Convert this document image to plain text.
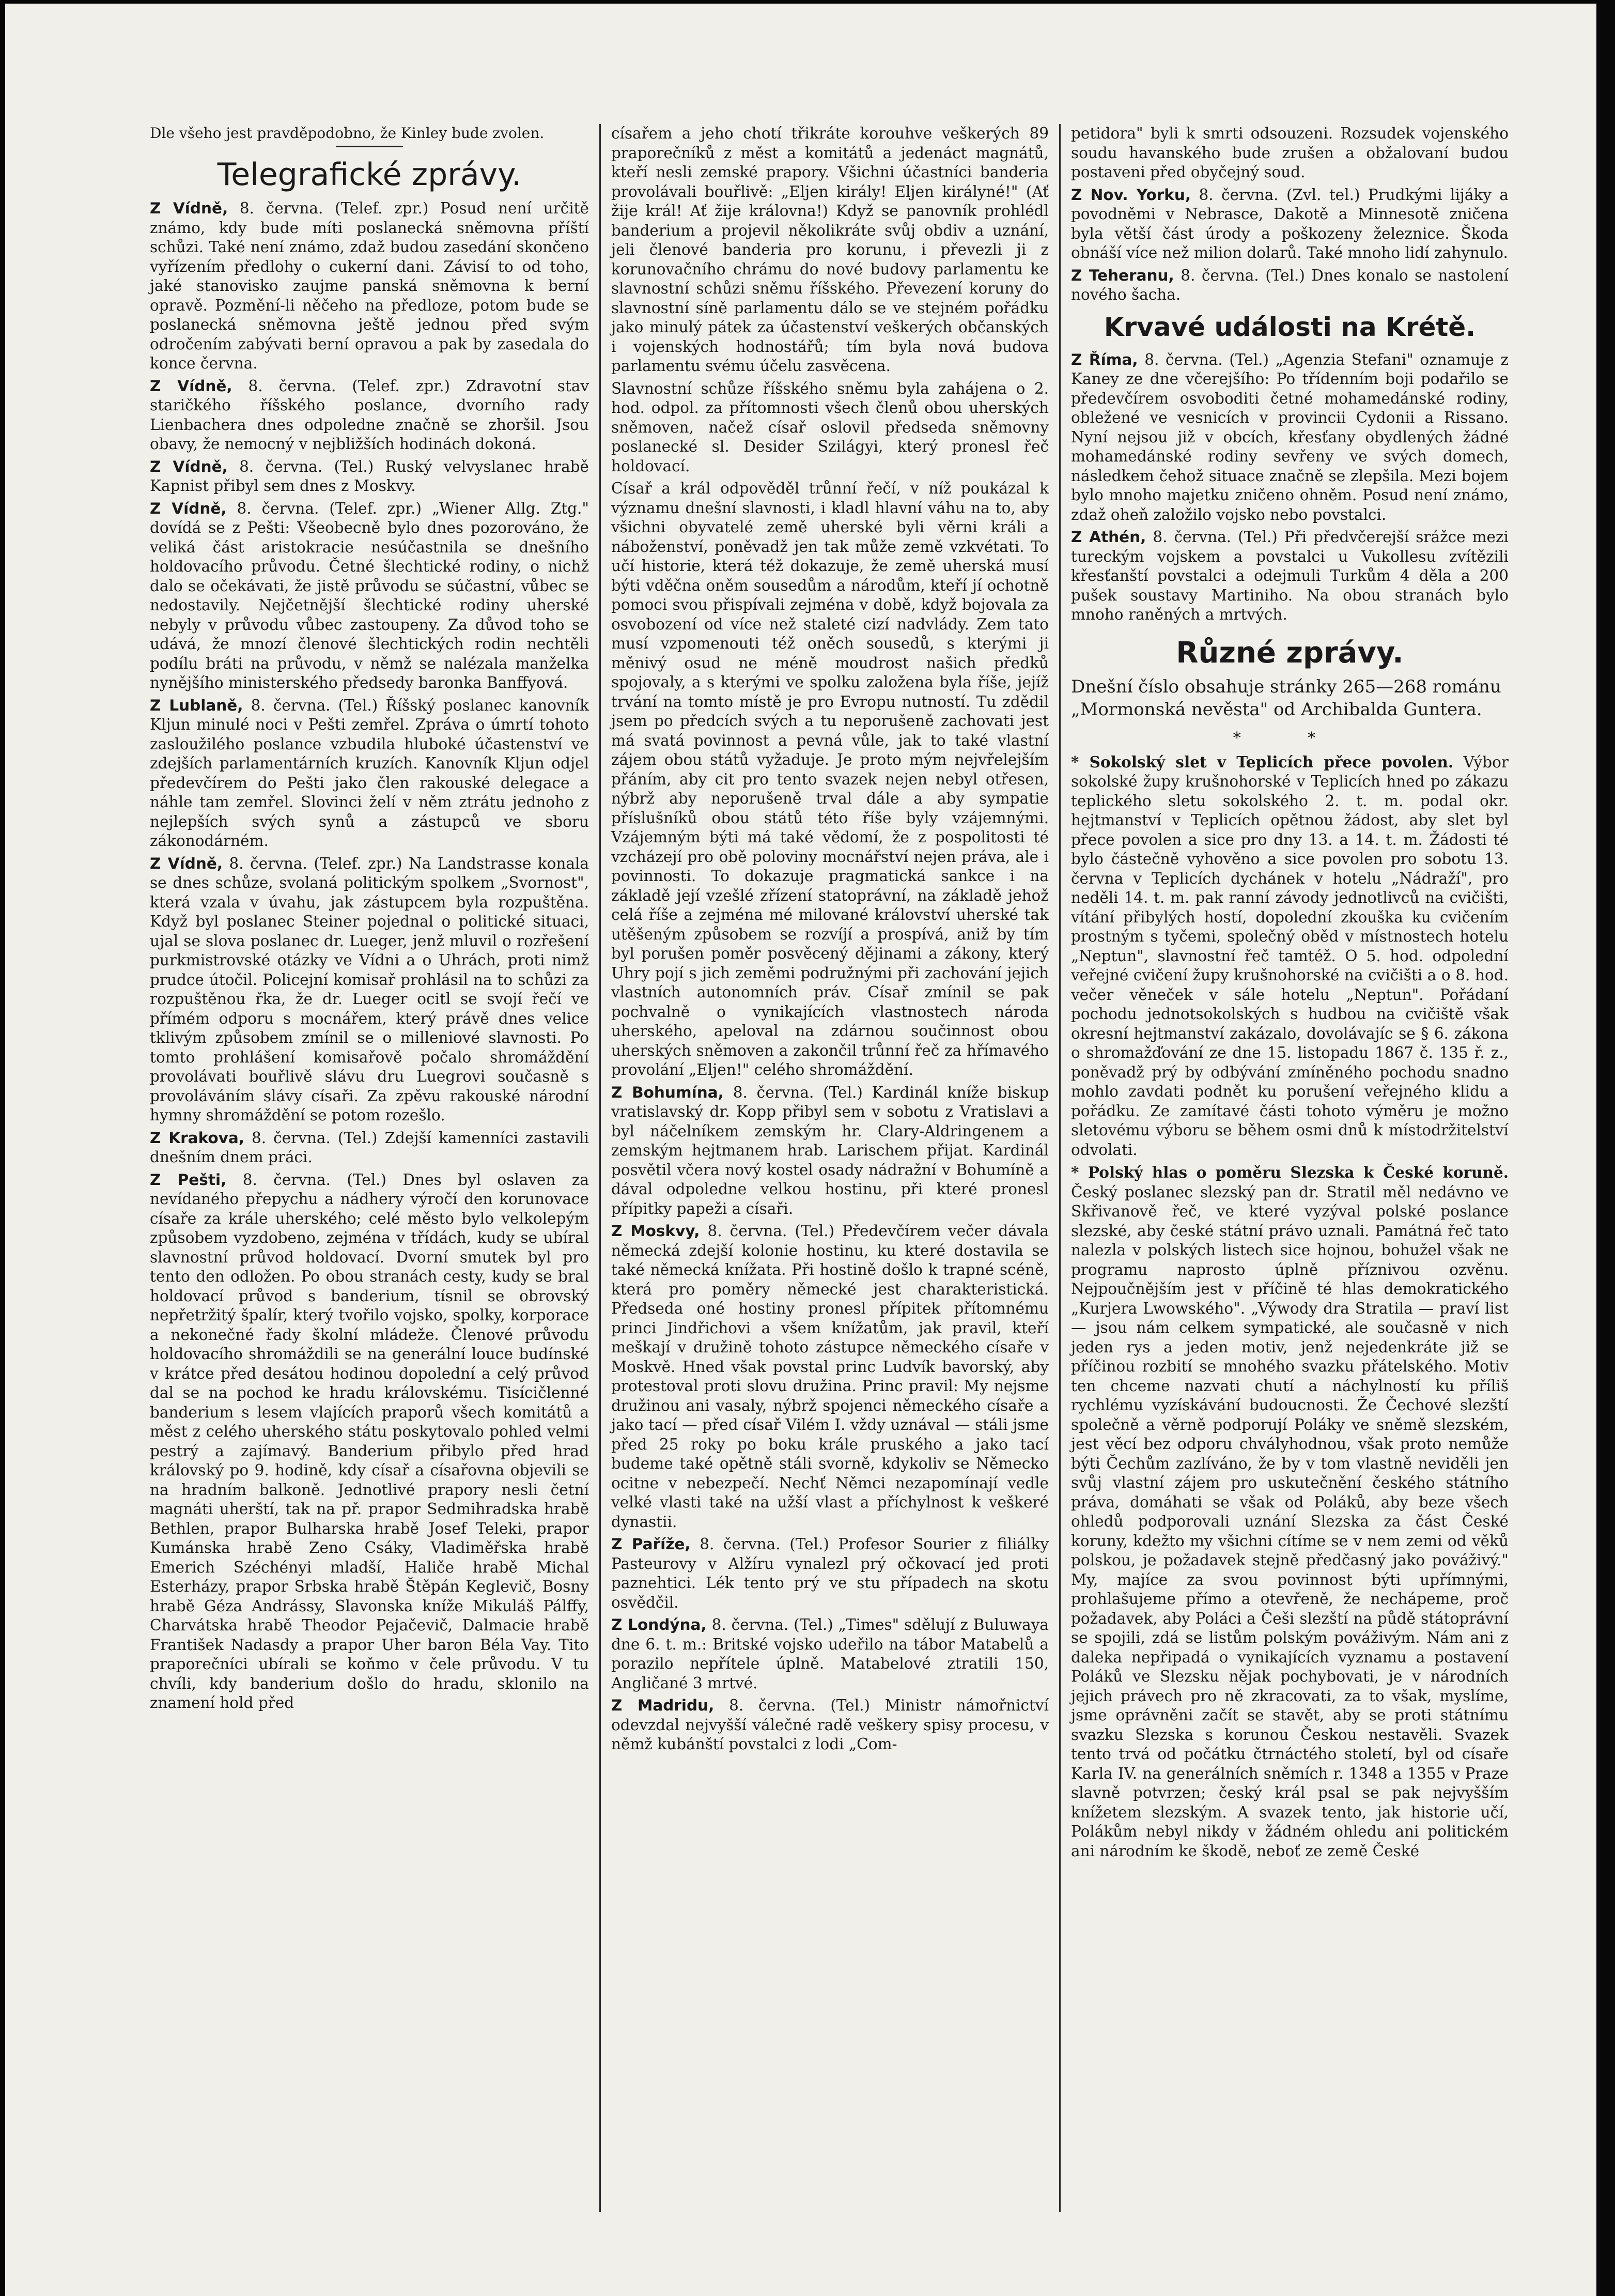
Dle všeho jest pravděpodobno, že Kinley bude zvolen.

Telegrafické zprávy.

Z Vídně, 8. června. (Telef. zpr.) Posud není určitě známo, kdy bude míti poslanecká sněmovna příští schůzi. Také není známo, zdaž budou zasedání skončeno vyřízením předlohy o cukerní dani. Závisí to od toho, jaké stanovisko zaujme panská sněmovna k berní opravě. Pozmění-li něčeho na předloze, potom bude se poslanecká sněmovna ještě jednou před svým odročením zabývati berní opravou a pak by zasedala do konce června.

Z Vídně, 8. června. (Telef. zpr.) Zdravotní stav staričkého říšského poslance, dvorního rady Lienbachera dnes odpoledne značně se zhoršil. Jsou obavy, že nemocný v nejbližších hodinách dokoná.

Z Vídně, 8. června. (Tel.) Ruský velvyslanec hrabě Kapnist přibyl sem dnes z Moskvy.

Z Vídně, 8. června. (Telef. zpr.) „Wiener Allg. Ztg." dovídá se z Pešti: Všeobecně bylo dnes pozorováno, že veliká část aristokracie nesúčastnila se dnešního holdovacího průvodu. Četné šlechtické rodiny, o nichž dalo se očekávati, že jistě průvodu se súčastní, vůbec se nedostavily. Nejčetnější šlechtické rodiny uherské nebyly v průvodu vůbec zastoupeny. Za důvod toho se udává, že mnozí členové šlechtických rodin nechtěli podílu bráti na průvodu, v němž se nalézala manželka nynějšího ministerského předsedy baronka Banffyová.

Z Lublaně, 8. června. (Tel.) Říšský poslanec kanovník Kljun minulé noci v Pešti zemřel. Zpráva o úmrtí tohoto zasloužilého poslance vzbudila hluboké účastenství ve zdejších parlamentárních kruzích. Kanovník Kljun odjel předevčírem do Pešti jako člen rakouské delegace a náhle tam zemřel. Slovinci želí v něm ztrátu jednoho z nejlepších svých synů a zástupců ve sboru zákonodárném.

Z Vídně, 8. června. (Telef. zpr.) Na Landstrasse konala se dnes schůze, svolaná politickým spolkem „Svornost", která vzala v úvahu, jak zástupcem byla rozpuštěna. Když byl poslanec Steiner pojednal o politické situaci, ujal se slova poslanec dr. Lueger, jenž mluvil o rozřešení purkmistrovské otázky ve Vídni a o Uhrách, proti nimž prudce útočil. Policejní komisař prohlásil na to schůzi za rozpuštěnou řka, že dr. Lueger ocitl se svojí řečí ve přímém odporu s mocnářem, který právě dnes velice tklivým způsobem zmínil se o milleniové slavnosti. Po tomto prohlášení komisařově počalo shromáždění provolávati bouřlivě slávu dru Luegrovi současně s provoláváním slávy císaři. Za zpěvu rakouské národní hymny shromáždění se potom rozešlo.

Z Krakova, 8. června. (Tel.) Zdejší kamenníci zastavili dnešním dnem práci.

Z Pešti, 8. června. (Tel.) Dnes byl oslaven za nevídaného přepychu a nádhery výročí den korunovace císaře za krále uherského; celé město bylo velkolepým způsobem vyzdobeno, zejména v třídách, kudy se ubíral slavnostní průvod holdovací. Dvorní smutek byl pro tento den odložen. Po obou stranách cesty, kudy se bral holdovací průvod s banderium, tísnil se obrovský nepřetržitý špalír, který tvořilo vojsko, spolky, korporace a nekonečné řady školní mládeže. Členové průvodu holdovacího shromáždili se na generální louce budínské v krátce před desátou hodinou dopolední a celý průvod dal se na pochod ke hradu královskému. Tisícičlenné banderium s lesem vlajících praporů všech komitátů a měst z celého uherského státu poskytovalo pohled velmi pestrý a zajímavý. Banderium přibylo před hrad královský po 9. hodině, kdy císař a císařovna objevili se na hradním balkoně. Jednotlivé prapory nesli četní magnáti uherští, tak na př. prapor Sedmihradska hrabě Bethlen, prapor Bulharska hrabě Josef Teleki, prapor Kumánska hrabě Zeno Csáky, Vladiměřska hrabě Emerich Széchényi mladší, Haliče hrabě Michal Esterházy, prapor Srbska hrabě Štěpán Keglevič, Bosny hrabě Géza Andrássy, Slavonska kníže Mikuláš Pálffy, Charvátska hrabě Theodor Pejačevič, Dalmacie hrabě František Nadasdy a prapor Uher baron Béla Vay. Tito praporečníci ubírali se koňmo v čele průvodu. V tu chvíli, kdy banderium došlo do hradu, sklonilo na znamení hold před

císařem a jeho chotí třikráte korouhve veškerých 89 praporečníků z měst a komitátů a jedenáct magnátů, kteří nesli zemské prapory. Všichni účastníci banderia provolávali bouřlivě: „Eljen király! Eljen királyné!" (Ať žije král! Ať žije královna!) Když se panovník prohlédl banderium a projevil několikráte svůj obdiv a uznání, jeli členové banderia pro korunu, i převezli ji z korunovačního chrámu do nové budovy parlamentu ke slavnostní schůzi sněmu říšského. Převezení koruny do slavnostní síně parlamentu dálo se ve stejném pořádku jako minulý pátek za účastenství veškerých občanských i vojenských hodnostářů; tím byla nová budova parlamentu svému účelu zasvěcena.

Slavnostní schůze říšského sněmu byla zahájena o 2. hod. odpol. za přítomnosti všech členů obou uherských sněmoven, načež císař oslovil předseda sněmovny poslanecké sl. Desider Szilágyi, který pronesl řeč holdovací.

Císař a král odpověděl trůnní řečí, v níž poukázal k významu dnešní slavnosti, i kladl hlavní váhu na to, aby všichni obyvatelé země uherské byli věrni králi a náboženství, poněvadž jen tak může země vzkvétati. To učí historie, která též dokazuje, že země uherská musí býti vděčna oněm sousedům a národům, kteří jí ochotně pomoci svou přispívali zejména v době, když bojovala za osvobození od více než staleté cizí nadvlády. Zem tato musí vzpomenouti též oněch sousedů, s kterými ji měnivý osud ne méně moudrost našich předků spojovaly, a s kterými ve spolku založena byla říše, jejíž trvání na tomto místě je pro Evropu nutností. Tu zdědil jsem po předcích svých a tu neporušeně zachovati jest má svatá povinnost a pevná vůle, jak to také vlastní zájem obou států vyžaduje. Je proto mým nejvřelejším přáním, aby cit pro tento svazek nejen nebyl otřesen, nýbrž aby neporušeně trval dále a aby sympatie příslušníků obou států této říše byly vzájemnými. Vzájemným býti má také vědomí, že z pospolitosti té vzcházejí pro obě poloviny mocnářství nejen práva, ale i povinnosti. To dokazuje pragmatická sankce i na základě její vzešlé zřízení statoprávní, na základě jehož celá říše a zejména mé milované království uherské tak utěšeným způsobem se rozvíjí a prospívá, aniž by tím byl porušen poměr posvěcený dějinami a zákony, který Uhry pojí s jich zeměmi podružnými při zachování jejich vlastních autonomních práv. Císař zmínil se pak pochvalně o vynikajících vlastnostech národa uherského, apeloval na zdárnou součinnost obou uherských sněmoven a zakončil trůnní řeč za hřímavého provolání „Eljen!" celého shromáždění.

Z Bohumína, 8. června. (Tel.) Kardinál kníže biskup vratislavský dr. Kopp přibyl sem v sobotu z Vratislavi a byl náčelníkem zemským hr. Clary-Aldringenem a zemským hejtmanem hrab. Larischem přijat. Kardinál posvětil včera nový kostel osady nádražní v Bohumíně a dával odpoledne velkou hostinu, při které pronesl přípitky papeži a císaři.

Z Moskvy, 8. června. (Tel.) Předevčírem večer dávala německá zdejší kolonie hostinu, ku které dostavila se také německá knížata. Při hostině došlo k trapné scéně, která pro poměry německé jest charakteristická. Předseda oné hostiny pronesl přípitek přítomnému princi Jindřichovi a všem knížatům, jak pravil, kteří meškají v družině tohoto zástupce německého císaře v Moskvě. Hned však povstal princ Ludvík bavorský, aby protestoval proti slovu družina. Princ pravil: My nejsme družinou ani vasaly, nýbrž spojenci německého císaře a jako tací — před císař Vilém I. vždy uznával — stáli jsme před 25 roky po boku krále pruského a jako tací budeme také opětně stáli svorně, kdykoliv se Německo ocitne v nebezpečí. Nechť Němci nezapomínají vedle velké vlasti také na užší vlast a příchylnost k veškeré dynastii.

Z Paříže, 8. června. (Tel.) Profesor Sourier z filiálky Pasteurovy v Alžíru vynalezl prý očkovací jed proti paznehtici. Lék tento prý ve stu případech na skotu osvědčil.

Z Londýna, 8. června. (Tel.) „Times" sdělují z Buluwaya dne 6. t. m.: Britské vojsko udeřilo na tábor Matabelů a porazilo nepřítele úplně. Matabelové ztratili 150, Angličané 3 mrtvé.

Z Madridu, 8. června. (Tel.) Ministr námořnictví odevzdal nejvyšší válečné radě veškery spisy procesu, v němž kubánští povstalci z lodi „Com-

petidora" byli k smrti odsouzeni. Rozsudek vojenského soudu havanského bude zrušen a obžalovaní budou postaveni před obyčejný soud.

Z Nov. Yorku, 8. června. (Zvl. tel.) Prudkými lijáky a povodněmi v Nebrasce, Dakotě a Minnesotě zničena byla větší část úrody a poškozeny železnice. Škoda obnáší více než milion dolarů. Také mnoho lidí zahynulo.

Z Teheranu, 8. června. (Tel.) Dnes konalo se nastolení nového šacha.

Krvavé události na Krétě.

Z Říma, 8. června. (Tel.) „Agenzia Stefani" oznamuje z Kaney ze dne včerejšího: Po třídenním boji podařilo se předevčírem osvoboditi četné mohamedánské rodiny, obležené ve vesnicích v provincii Cydonii a Rissano. Nyní nejsou již v obcích, křesťany obydlených žádné mohamedánské rodiny sevřeny ve svých domech, následkem čehož situace značně se zlepšila. Mezi bojem bylo mnoho majetku zničeno ohněm. Posud není známo, zdaž oheň založilo vojsko nebo povstalci.

Z Athén, 8. června. (Tel.) Při předvčerejší srážce mezi tureckým vojskem a povstalci u Vukollesu zvítězili křesťanští povstalci a odejmuli Turkům 4 děla a 200 pušek soustavy Martiniho. Na obou stranách bylo mnoho raněných a mrtvých.

Různé zprávy.

Dnešní číslo obsahuje stránky 265—268 románu „Mormonská nevěsta" od Archibalda Guntera.

* *

* Sokolský slet v Teplicích přece povolen. Výbor sokolské župy krušnohorské v Teplicích hned po zákazu teplického sletu sokolského 2. t. m. podal okr. hejtmanství v Teplicích opětnou žádost, aby slet byl přece povolen a sice pro dny 13. a 14. t. m. Žádosti té bylo částečně vyhověno a sice povolen pro sobotu 13. června v Teplicích dychánek v hotelu „Nádraží", pro neděli 14. t. m. pak ranní závody jednotlivců na cvičišti, vítání přibylých hostí, dopolední zkouška ku cvičením prostným s tyčemi, společný oběd v místnostech hotelu „Neptun", slavnostní řeč tamtéž. O 5. hod. odpolední veřejné cvičení župy krušnohorské na cvičišti a o 8. hod. večer věneček v sále hotelu „Neptun". Pořádaní pochodu jednotsokolských s hudbou na cvičiště však okresní hejtmanství zakázalo, dovolávajíc se § 6. zákona o shromažďování ze dne 15. listopadu 1867 č. 135 ř. z., poněvadž prý by odbývání zmíněného pochodu snadno mohlo zavdati podnět ku porušení veřejného klidu a pořádku. Ze zamítavé části tohoto výměru je možno sletovému výboru se během osmi dnů k místodržitelství odvolati.

* Polský hlas o poměru Slezska k České koruně. Český poslanec slezský pan dr. Stratil měl nedávno ve Skřivanově řeč, ve které vyzýval polské poslance slezské, aby české státní právo uznali. Památná řeč tato nalezla v polských listech sice hojnou, bohužel však ne programu naprosto úplně příznivou ozvěnu. Nejpoučnějším jest v příčině té hlas demokratického „Kurjera Lwowského". „Výwody dra Stratila — praví list — jsou nám celkem sympatické, ale současně v nich jeden rys a jeden motiv, jenž nejedenkráte již se příčinou rozbití se mnohého svazku přátelského. Motiv ten chceme nazvati chutí a náchylností ku příliš rychlému vyzískávání budoucnosti. Že Čechové slezští společně a věrně podporují Poláky ve sněmě slezském, jest věcí bez odporu chvályhodnou, však proto nemůže býti Čechům zazlíváno, že by v tom vlastně neviděli jen svůj vlastní zájem pro uskutečnění českého státního práva, domáhati se však od Poláků, aby beze všech ohledů podporovali uznání Slezska za část České koruny, kdežto my všichni cítíme se v nem zemi od věků polskou, je požadavek stejně předčasný jako pováživý." My, majíce za svou povinnost býti upřímnými, prohlašujeme přímo a otevřeně, že nechápeme, proč požadavek, aby Poláci a Češi slezští na půdě státoprávní se spojili, zdá se listům polským pováživým. Nám ani z daleka nepřipadá o vynikajících vyznamu a postavení Poláků ve Slezsku nějak pochybovati, je v národních jejich právech pro ně zkracovati, za to však, myslíme, jsme oprávněni začít se stavět, aby se proti státnímu svazku Slezska s korunou Českou nestavěli. Svazek tento trvá od počátku čtrnáctého století, byl od císaře Karla IV. na generálních sněmích r. 1348 a 1355 v Praze slavně potvrzen; český král psal se pak nejvyšším knížetem slezským. A svazek tento, jak historie učí, Polákům nebyl nikdy v žádném ohledu ani politickém ani národním ke škodě, neboť ze země České
